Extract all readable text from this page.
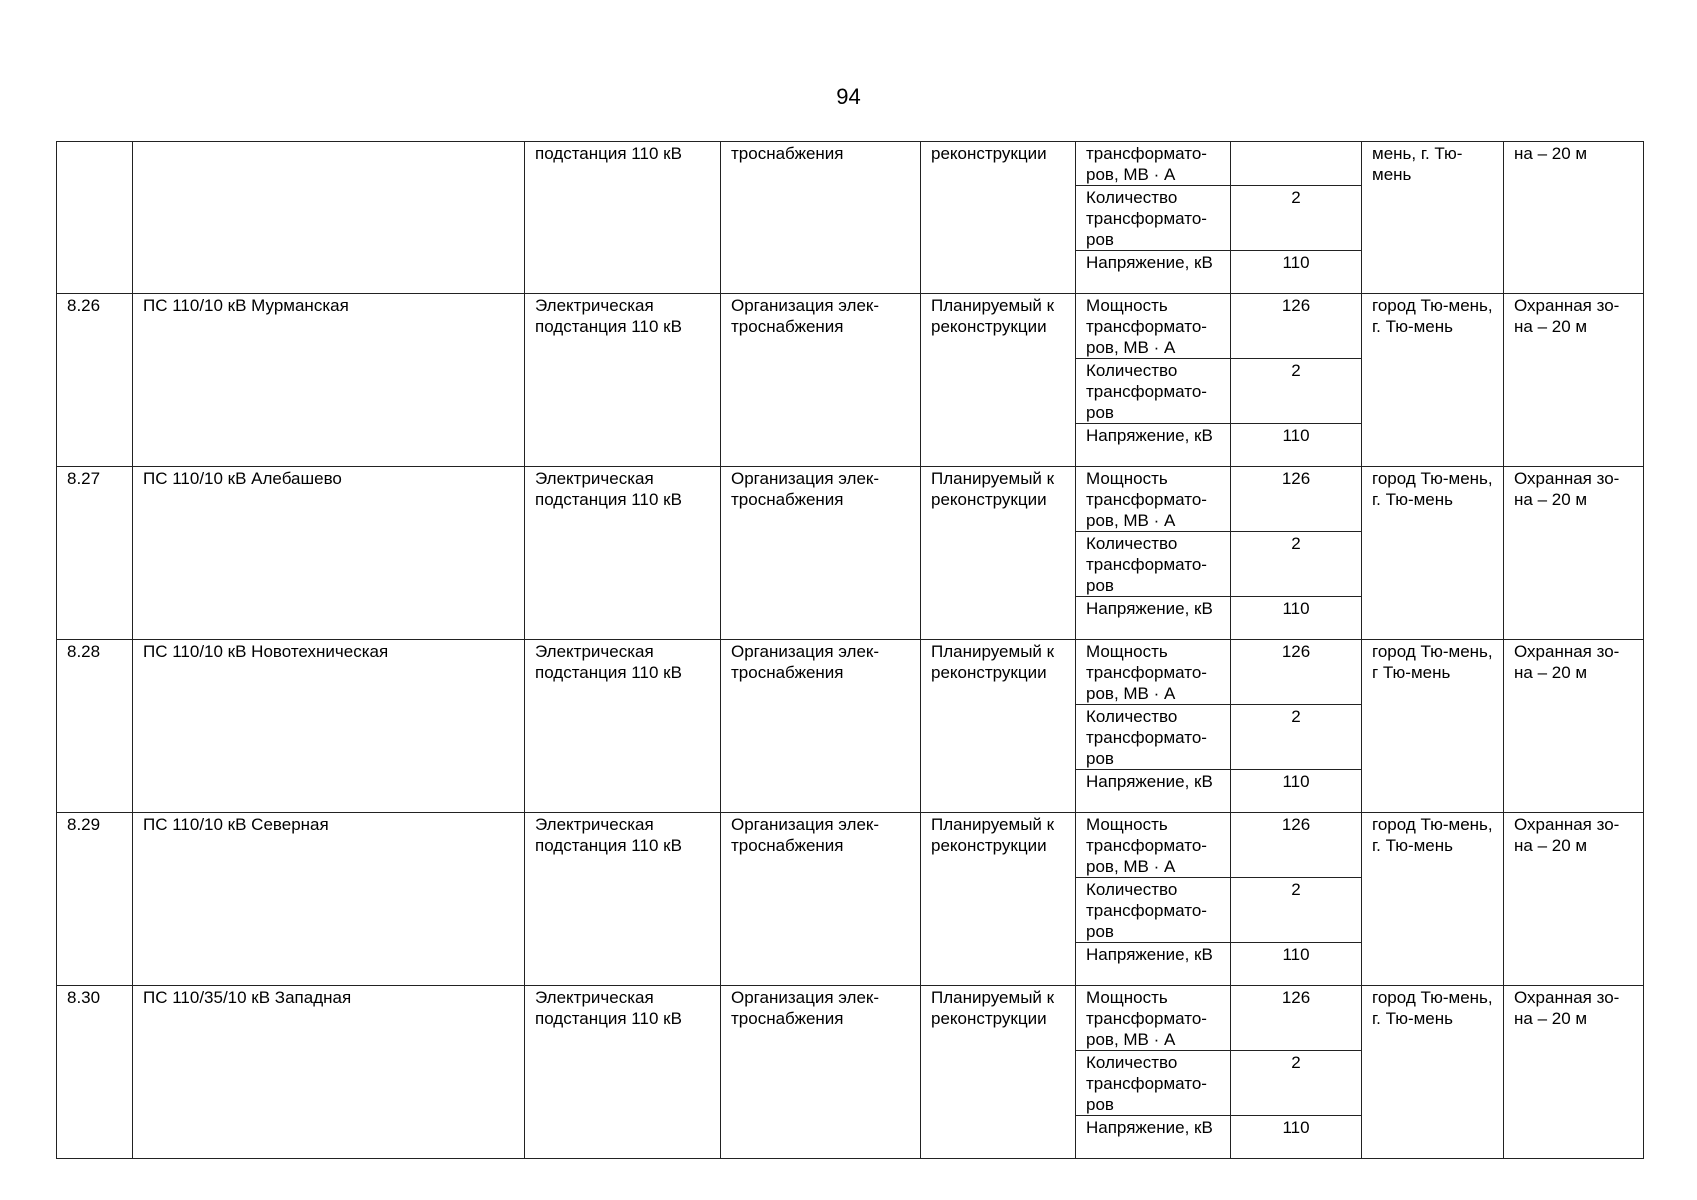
94
		подстанция 110 кВ	троснабжения	реконструкции	трансформато-ров, МВ · А		мень, г. Тю-мень	на – 20 м
					Количество трансформато-ров	2		
					Напряжение, кВ	110		
8.26	ПС 110/10 кВ Мурманская	Электрическая подстанция 110 кВ	Организация элек-троснабжения	Планируемый к реконструкции	Мощность трансформато-ров, МВ · А	126	город Тю-мень, г. Тю-мень	Охранная зо-на – 20 м
					Количество трансформато-ров	2		
					Напряжение, кВ	110		
8.27	ПС 110/10 кВ Алебашево	Электрическая подстанция 110 кВ	Организация элек-троснабжения	Планируемый к реконструкции	Мощность трансформато-ров, МВ · А	126	город Тю-мень, г. Тю-мень	Охранная зо-на – 20 м
					Количество трансформато-ров	2		
					Напряжение, кВ	110		
8.28	ПС 110/10 кВ Новотехническая	Электрическая подстанция 110 кВ	Организация элек-троснабжения	Планируемый к реконструкции	Мощность трансформато-ров, МВ · А	126	город Тю-мень, г Тю-мень	Охранная зо-на – 20 м
					Количество трансформато-ров	2		
					Напряжение, кВ	110		
8.29	ПС 110/10 кВ Северная	Электрическая подстанция 110 кВ	Организация элек-троснабжения	Планируемый к реконструкции	Мощность трансформато-ров, МВ · А	126	город Тю-мень, г. Тю-мень	Охранная зо-на – 20 м
					Количество трансформато-ров	2		
					Напряжение, кВ	110		
8.30	ПС 110/35/10 кВ Западная	Электрическая подстанция 110 кВ	Организация элек-троснабжения	Планируемый к реконструкции	Мощность трансформато-ров, МВ · А	126	город Тю-мень, г. Тю-мень	Охранная зо-на – 20 м
					Количество трансформато-ров	2		
					Напряжение, кВ	110		
